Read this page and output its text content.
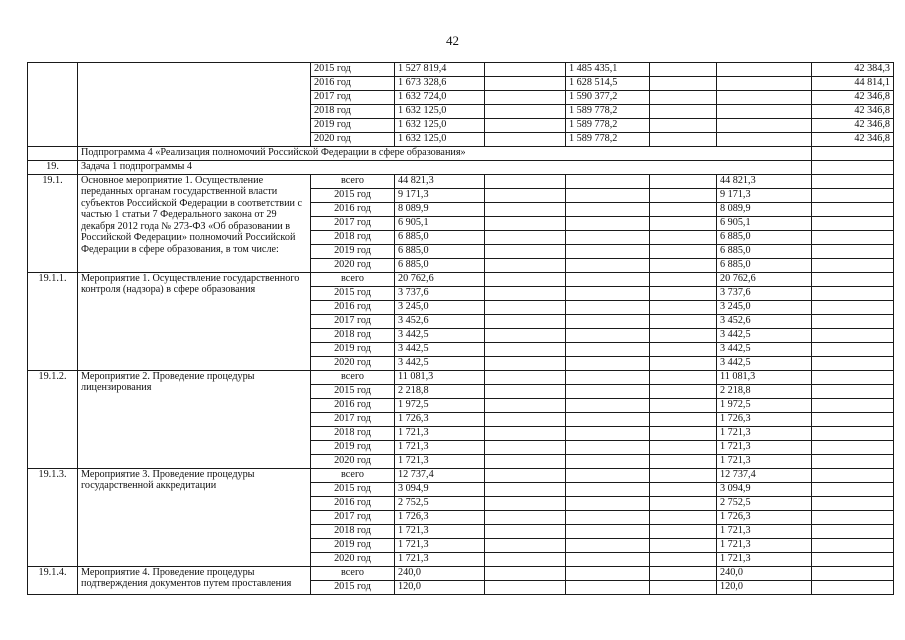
42
		2015 год	1 527 819,4		1 485 435,1			42 384,3
		2016 год	1 673 328,6		1 628 514,5			44 814,1
		2017 год	1 632 724,0		1 590 377,2			42 346,8
		2018 год	1 632 125,0		1 589 778,2			42 346,8
		2019 год	1 632 125,0		1 589 778,2			42 346,8
		2020 год	1 632 125,0		1 589 778,2			42 346,8
	Подпрограмма 4 «Реализация полномочий Российской Федерации в сфере образования»							
19.	Задача 1 подпрограммы 4							
19.1.	Основное мероприятие 1. Осуществление переданных органам государственной власти субъектов Российской Федерации в соответствии с частью 1 статьи 7 Федерального закона от 29 декабря 2012 года № 273-ФЗ «Об образовании в Российской Федерации» полномочий Российской Федерации в сфере образования, в том числе:	всего	44 821,3				44 821,3	
		2015 год	9 171,3				9 171,3	
		2016 год	8 089,9				8 089,9	
		2017 год	6 905,1				6 905,1	
		2018 год	6 885,0				6 885,0	
		2019 год	6 885,0				6 885,0	
		2020 год	6 885,0				6 885,0	
19.1.1.	Мероприятие 1. Осуществление государственного контроля (надзора) в сфере образования	всего	20 762,6				20 762,6	
		2015 год	3 737,6				3 737,6	
		2016 год	3 245,0				3 245,0	
		2017 год	3 452,6				3 452,6	
		2018 год	3 442,5				3 442,5	
		2019 год	3 442,5				3 442,5	
		2020 год	3 442,5				3 442,5	
19.1.2.	Мероприятие 2. Проведение процедуры лицензирования	всего	11 081,3				11 081,3	
		2015 год	2 218,8				2 218,8	
		2016 год	1 972,5				1 972,5	
		2017 год	1 726,3				1 726,3	
		2018 год	1 721,3				1 721,3	
		2019 год	1 721,3				1 721,3	
		2020 год	1 721,3				1 721,3	
19.1.3.	Мероприятие 3. Проведение процедуры государственной аккредитации	всего	12 737,4				12 737,4	
		2015 год	3 094,9				3 094,9	
		2016 год	2 752,5				2 752,5	
		2017 год	1 726,3				1 726,3	
		2018 год	1 721,3				1 721,3	
		2019 год	1 721,3				1 721,3	
		2020 год	1 721,3				1 721,3	
19.1.4.	Мероприятие 4. Проведение процедуры подтверждения документов путем проставления	всего	240,0				240,0	
		2015 год	120,0				120,0	
